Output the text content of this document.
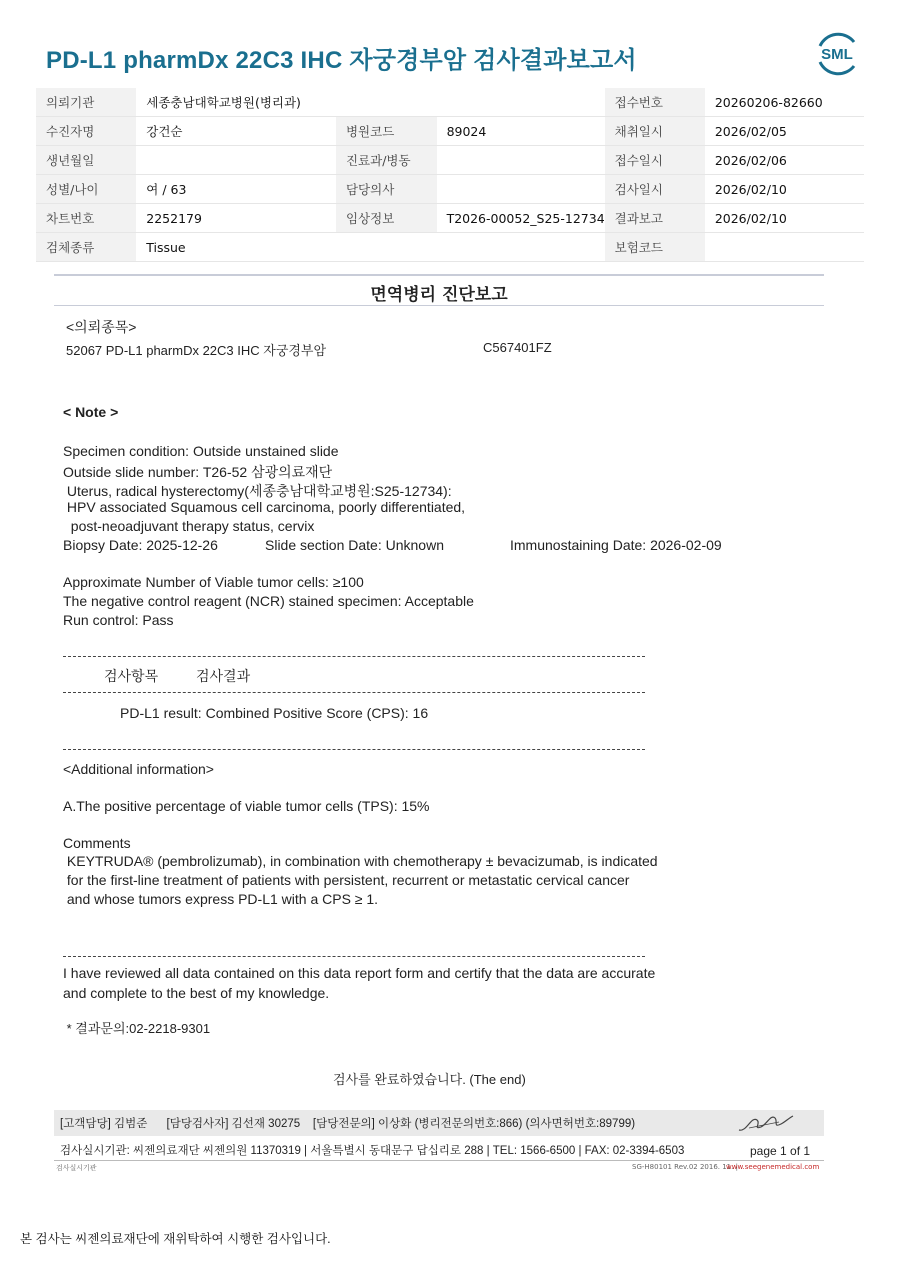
PD-L1 pharmDx 22C3 IHC 자궁경부암 검사결과보고서	SML
의뢰기관	세종충남대학교병원(병리과)			접수번호	20260206-82660
수진자명	강건순	병원코드	89024	채취일시	2026/02/05
생년월일		진료과/병동		접수일시	2026/02/06
성별/나이	여 / 63	담당의사		검사일시	2026/02/10
차트번호	2252179	임상정보	T2026-00052_S25-12734	결과보고	2026/02/10
검체종류	Tissue			보험코드	
면역병리 진단보고
<의뢰종목>
52067 PD-L1 pharmDx 22C3 IHC 자궁경부암	C567401FZ
< Note >
Specimen condition: Outside unstained slide
Outside slide number: T26-52 삼광의료재단
Uterus, radical hysterectomy(세종충남대학교병원:S25-12734):
HPV associated Squamous cell carcinoma, poorly differentiated,
post-neoadjuvant therapy status, cervix
Biopsy Date: 2025-12-26	Slide section Date: Unknown	Immunostaining Date: 2026-02-09
Approximate Number of Viable tumor cells: ≥100
The negative control reagent (NCR) stained specimen: Acceptable
Run control: Pass
검사항목	검사결과
PD-L1 result: Combined Positive Score (CPS): 16
<Additional information>
A.The positive percentage of viable tumor cells (TPS): 15%
Comments
KEYTRUDA® (pembrolizumab), in combination with chemotherapy ± bevacizumab, is indicated
for the first-line treatment of patients with persistent, recurrent or metastatic cervical cancer
and whose tumors express PD-L1 with a CPS ≥ 1.
I have reviewed all data contained on this data report form and certify that the data are accurate
and complete to the best of my knowledge.
* 결과문의:02-2218-9301
검사를 완료하였습니다. (The end)
[고객담당] 김범준      [담당검사자] 김선재 30275    [담당전문의] 이상화 (병리전문의번호:866) (의사면허번호:89799)
검사실시기관: 씨젠의료재단 씨젠의원 11370319 | 서울특별시 동대문구 답십리로 288 | TEL: 1566-6500 | FAX: 02-3394-6503	page 1 of 1
검사실시기관	SG-H80101 Rev.02 2016. 11. |
www.seegenemedical.com
본 검사는 씨젠의료재단에 재위탁하여 시행한 검사입니다.
